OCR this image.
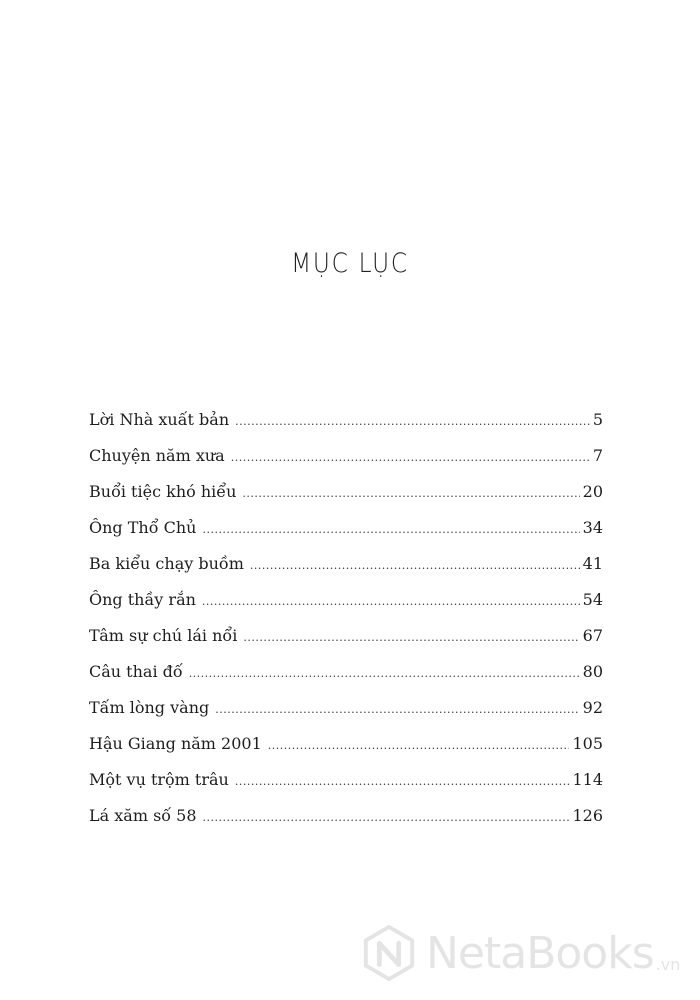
MỤC LỤC
Lời Nhà xuất bản .....	5
Chuyện năm xưa .....	7
Buổi tiệc khó hiểu .....	20
Ông Thổ Chủ .....	34
Ba kiểu chạy buồm .....	41
Ông thầy rắn .....	54
Tâm sự chú lái nổi .....	67
Câu thai đố .....	80
Tấm lòng vàng .....	92
Hậu Giang năm 2001 .....	105
Một vụ trộm trâu .....	114
Lá xăm số 58 .....	126
NetaBooks .vn
